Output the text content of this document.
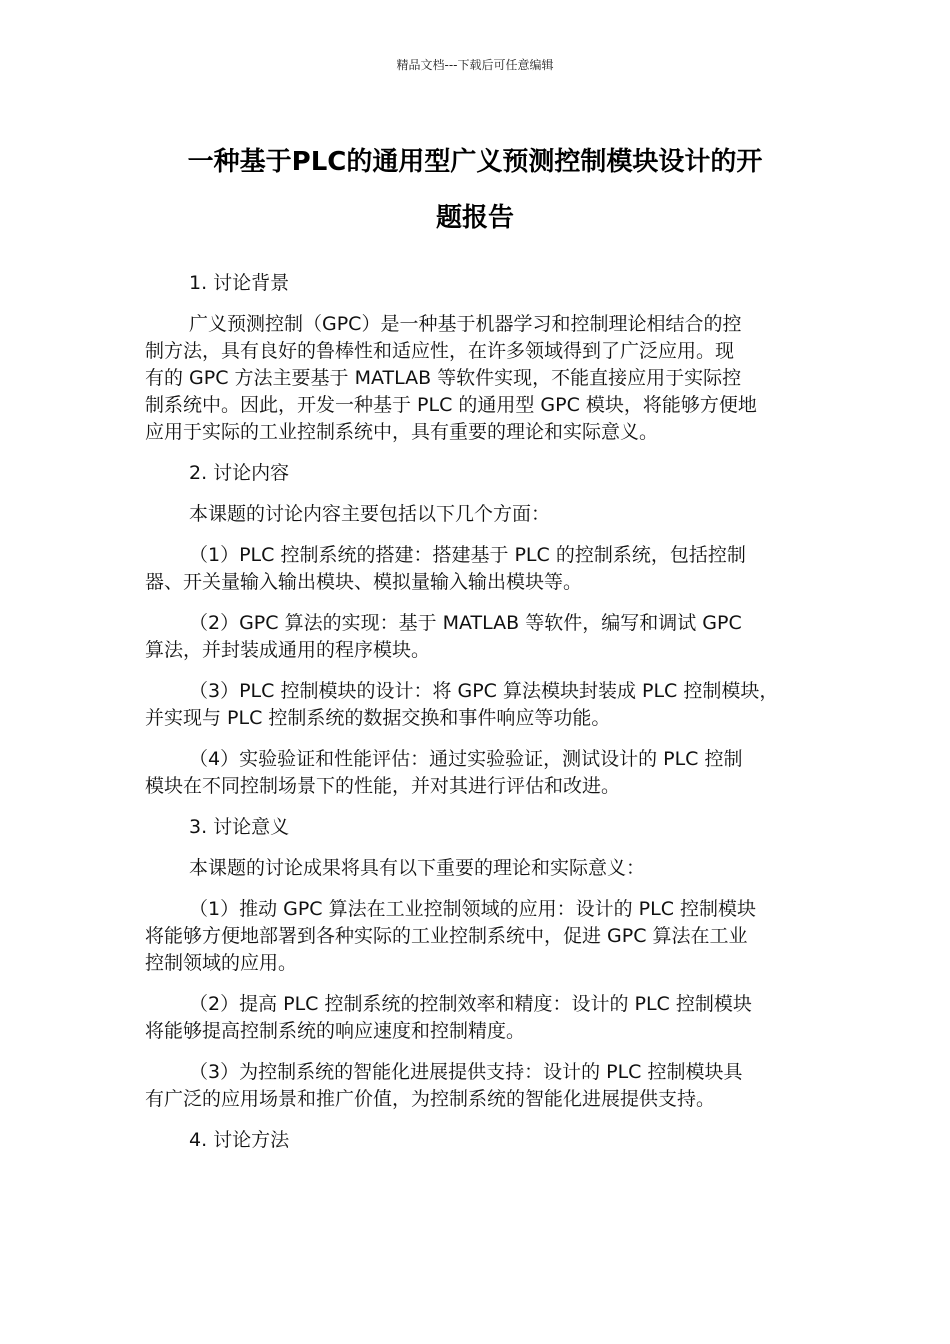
精品文档---下载后可任意编辑
一种基于PLC的通用型广义预测控制模块设计的开
题报告
1. 讨论背景
广义预测控制（GPC）是一种基于机器学习和控制理论相结合的控
制方法，具有良好的鲁棒性和适应性，在许多领域得到了广泛应用。现
有的 GPC 方法主要基于 MATLAB 等软件实现，不能直接应用于实际控
制系统中。因此，开发一种基于 PLC 的通用型 GPC 模块，将能够方便地
应用于实际的工业控制系统中，具有重要的理论和实际意义。
2. 讨论内容
本课题的讨论内容主要包括以下几个方面：
（1）PLC 控制系统的搭建：搭建基于 PLC 的控制系统，包括控制
器、开关量输入输出模块、模拟量输入输出模块等。
（2）GPC 算法的实现：基于 MATLAB 等软件，编写和调试 GPC
算法，并封装成通用的程序模块。
（3）PLC 控制模块的设计：将 GPC 算法模块封装成 PLC 控制模块，
并实现与 PLC 控制系统的数据交换和事件响应等功能。
（4）实验验证和性能评估：通过实验验证，测试设计的 PLC 控制
模块在不同控制场景下的性能，并对其进行评估和改进。
3. 讨论意义
本课题的讨论成果将具有以下重要的理论和实际意义：
（1）推动 GPC 算法在工业控制领域的应用：设计的 PLC 控制模块
将能够方便地部署到各种实际的工业控制系统中，促进 GPC 算法在工业
控制领域的应用。
（2）提高 PLC 控制系统的控制效率和精度：设计的 PLC 控制模块
将能够提高控制系统的响应速度和控制精度。
（3）为控制系统的智能化进展提供支持：设计的 PLC 控制模块具
有广泛的应用场景和推广价值，为控制系统的智能化进展提供支持。
4. 讨论方法
